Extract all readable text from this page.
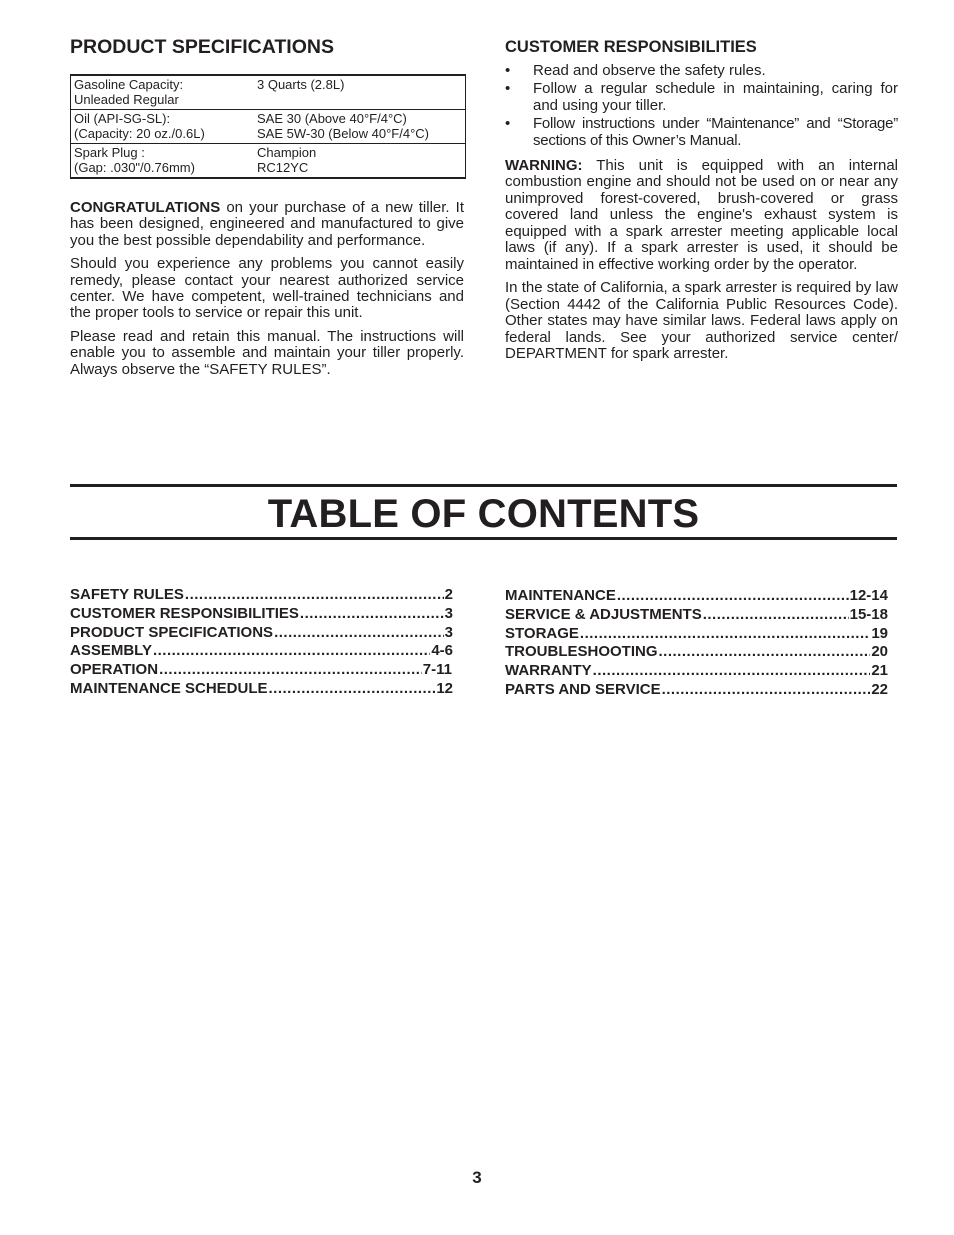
PRODUCT SPECIFICATIONS
Gasoline Capacity:
Unleaded Regular	3 Quarts (2.8L)

Oil (API-SG-SL):
(Capacity: 20 oz./0.6L)	SAE 30 (Above 40°F/4°C)
SAE 5W-30 (Below 40°F/4°C)

Spark Plug :
(Gap: .030"/0.76mm)	Champion
RC12YC

CONGRATULATIONS on your purchase of a new tiller. It has been designed, engineered and manufactured to give you the best possible dependability and performance.

Should you experience any problems you cannot easily remedy, please contact your nearest authorized service center. We have competent, well-trained technicians and the proper tools to service or repair this unit.

Please read and retain this manual. The instructions will enable you to assemble and maintain your tiller properly. Always observe the “SAFETY RULES”.

CUSTOMER RESPONSIBILITIES
• Read and observe the safety rules.
• Follow a regular schedule in maintaining, caring for and using your tiller.
• Follow instructions under “Maintenance” and “Storage” sections of this Owner’s Manual.

WARNING: This unit is equipped with an internal combustion engine and should not be used on or near any unimproved forest-covered, brush-covered or grass covered land unless the engine's exhaust system is equipped with a spark arrester meeting applicable local laws (if any). If a spark arrester is used, it should be maintained in effective working order by the operator.

In the state of California, a spark arrester is required by law (Section 4442 of the California Public Resources Code). Other states may have similar laws. Federal laws apply on federal lands. See your authorized service center/ DEPARTMENT for spark arrester.

TABLE OF CONTENTS
SAFETY RULES .....	2
CUSTOMER RESPONSIBILITIES .....	3
PRODUCT SPECIFICATIONS .....	3
ASSEMBLY .....	4-6
OPERATION .....	7-11
MAINTENANCE SCHEDULE .....	12
MAINTENANCE .....	12-14
SERVICE & ADJUSTMENTS .....	15-18
STORAGE .....	19
TROUBLESHOOTING .....	20
WARRANTY .....	21
PARTS AND SERVICE .....	22
3
